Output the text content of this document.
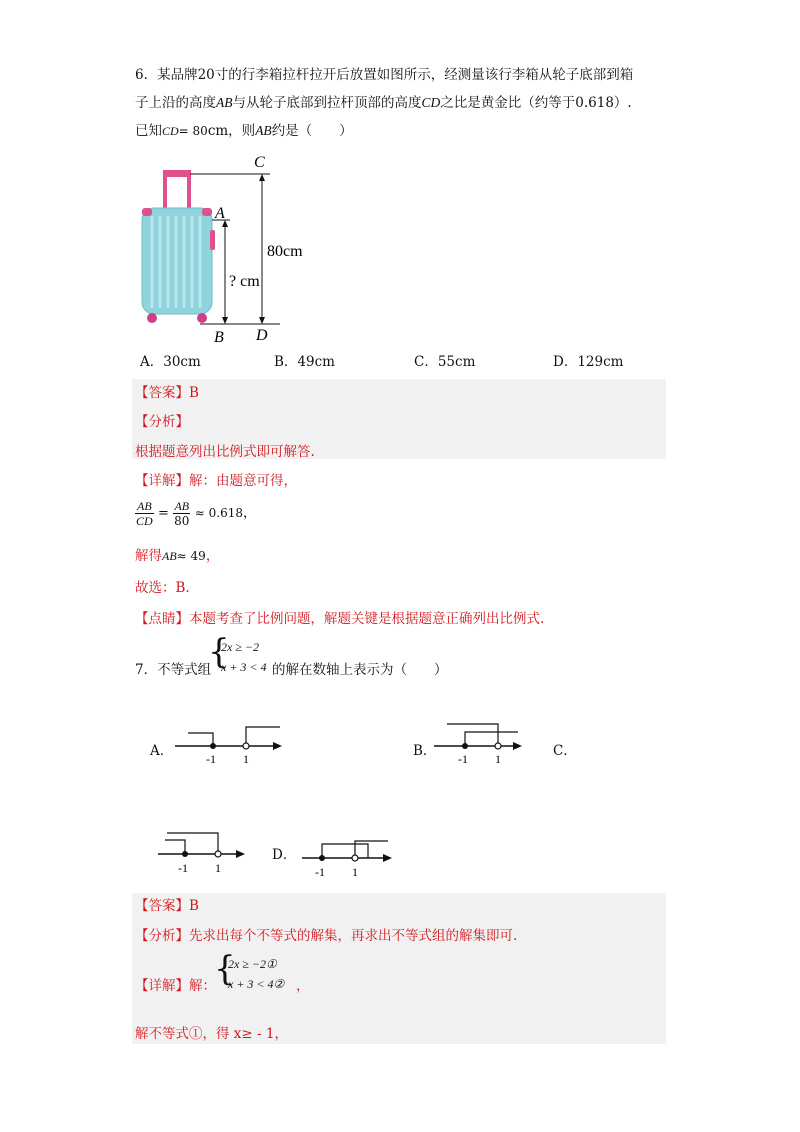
6．某品牌20寸的行李箱拉杆拉开后放置如图所示，经测量该行李箱从轮子底部到箱
子上沿的高度AB与从轮子底部到拉杆顶部的高度CD之比是黄金比（约等于0.618）.
已知CD= 80cm，则AB约是（　　）
C
A
B D
80cm
? cm
A．30cm	B．49cm	C．55cm	D．129cm
【答案】B
【分析】
根据题意列出比例式即可解答.
【详解】解：由题意可得，
$\frac{AB}{CD} = \frac{AB}{80} \approx 0.618$，
解得AB≈ 49，
故选：B.
【点睛】本题考查了比例问题，解题关键是根据题意正确列出比例式.
7．不等式组
{
2x ≥ −2
x + 3 < 4 的解在数轴上表示为（　　）
A．	-1 1	B． -1 1	C．
-1 1
D．
-1 1
【答案】B
【分析】先求出每个不等式的解集，再求出不等式组的解集即可.
【详解】解：
{
2x ≥ −2①
x + 3 < 4② ，
解不等式①，得 x≥ - 1，
